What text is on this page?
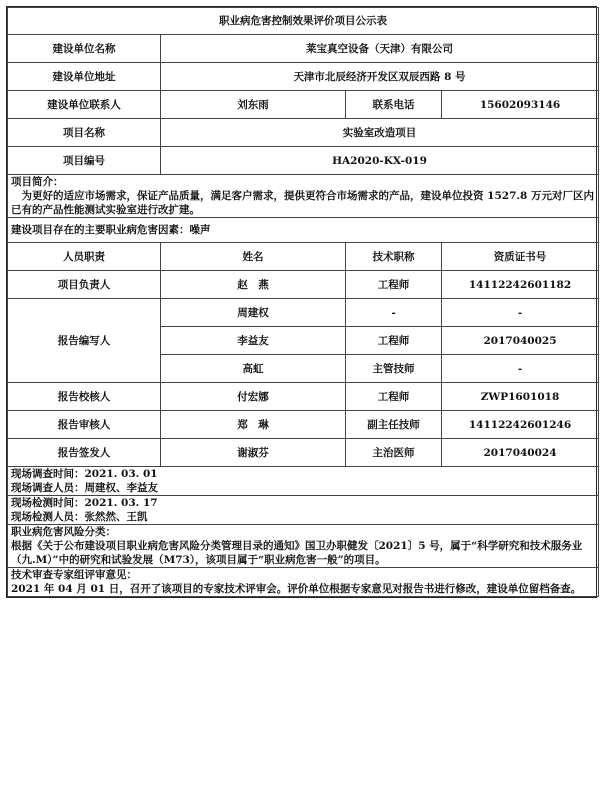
职业病危害控制效果评价项目公示表			
建设单位名称	莱宝真空设备（天津）有限公司		
建设单位地址	天津市北辰经济开发区双辰西路 8 号		
建设单位联系人	刘东雨	联系电话	15602093146
项目名称	实验室改造项目		
项目编号	HA2020-KX-019		

项目简介：
为更好的适应市场需求，保证产品质量，满足客户需求，提供更符合市场需求的产品，建设单位投资 1527.8 万元对厂区内已有的产品性能测试实验室进行改扩建。			

建设项目存在的主要职业病危害因素：噪声			
人员职责	姓名	技术职称	资质证书号
项目负责人	赵　燕	工程师	14112242601182
报告编写人	周建权	-	-
	李益友	工程师	2017040025
	高虹	主管技师	-
报告校核人	付宏娜	工程师	ZWP1601018
报告审核人	郑　琳	副主任技师	14112242601246
报告签发人	谢淑芬	主治医师	2017040024

现场调查时间：2021. 03. 01
现场调查人员：周建权、李益友			

现场检测时间：2021. 03. 17
现场检测人员：张然然、王凯			

职业病危害风险分类：
根据《关于公布建设项目职业病危害风险分类管理目录的通知》国卫办职健发〔2021〕5 号，属于“科学研究和技术服务业（九.M）”中的研究和试验发展（M73），该项目属于“职业病危害一般”的项目。			

技术审查专家组评审意见：
2021 年 04 月 01 日，召开了该项目的专家技术评审会。评价单位根据专家意见对报告书进行修改，建设单位留档备查。			
